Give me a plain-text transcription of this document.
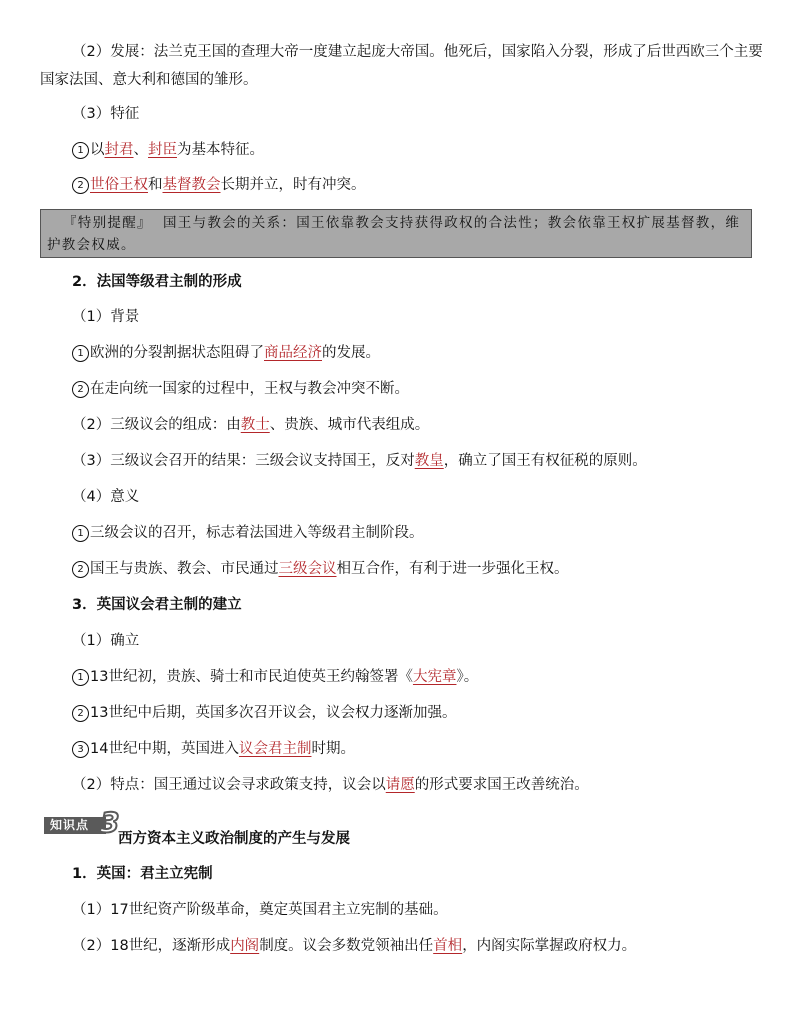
（2）发展：法兰克王国的查理大帝一度建立起庞大帝国。他死后，国家陷入分裂，形成了后世西欧三个主要
国家法国、意大利和德国的雏形。
（3）特征
1 以封君、封臣为基本特征。
2 世俗王权和基督教会长期并立，时有冲突。
『特别提醒』 国王与教会的关系：国王依靠教会支持获得政权的合法性；教会依靠王权扩展基督教，维护教会权威。
2．法国等级君主制的形成
（1）背景
1 欧洲的分裂割据状态阻碍了商品经济的发展。
2 在走向统一国家的过程中，王权与教会冲突不断。
（2）三级议会的组成：由教士、贵族、城市代表组成。
（3）三级议会召开的结果：三级会议支持国王，反对教皇，确立了国王有权征税的原则。
（4）意义
1 三级会议的召开，标志着法国进入等级君主制阶段。
2 国王与贵族、教会、市民通过三级会议相互合作，有利于进一步强化王权。
3．英国议会君主制的建立
（1）确立
1 13世纪初，贵族、骑士和市民迫使英王约翰签署《大宪章》。
2 13世纪中后期，英国多次召开议会，议会权力逐渐加强。
3 14世纪中期，英国进入议会君主制时期。
（2）特点：国王通过议会寻求政策支持，议会以请愿的形式要求国王改善统治。
知识点 3
西方资本主义政治制度的产生与发展
1．英国：君主立宪制
（1）17世纪资产阶级革命，奠定英国君主立宪制的基础。
（2）18世纪，逐渐形成内阁制度。议会多数党领袖出任首相，内阁实际掌握政府权力。
